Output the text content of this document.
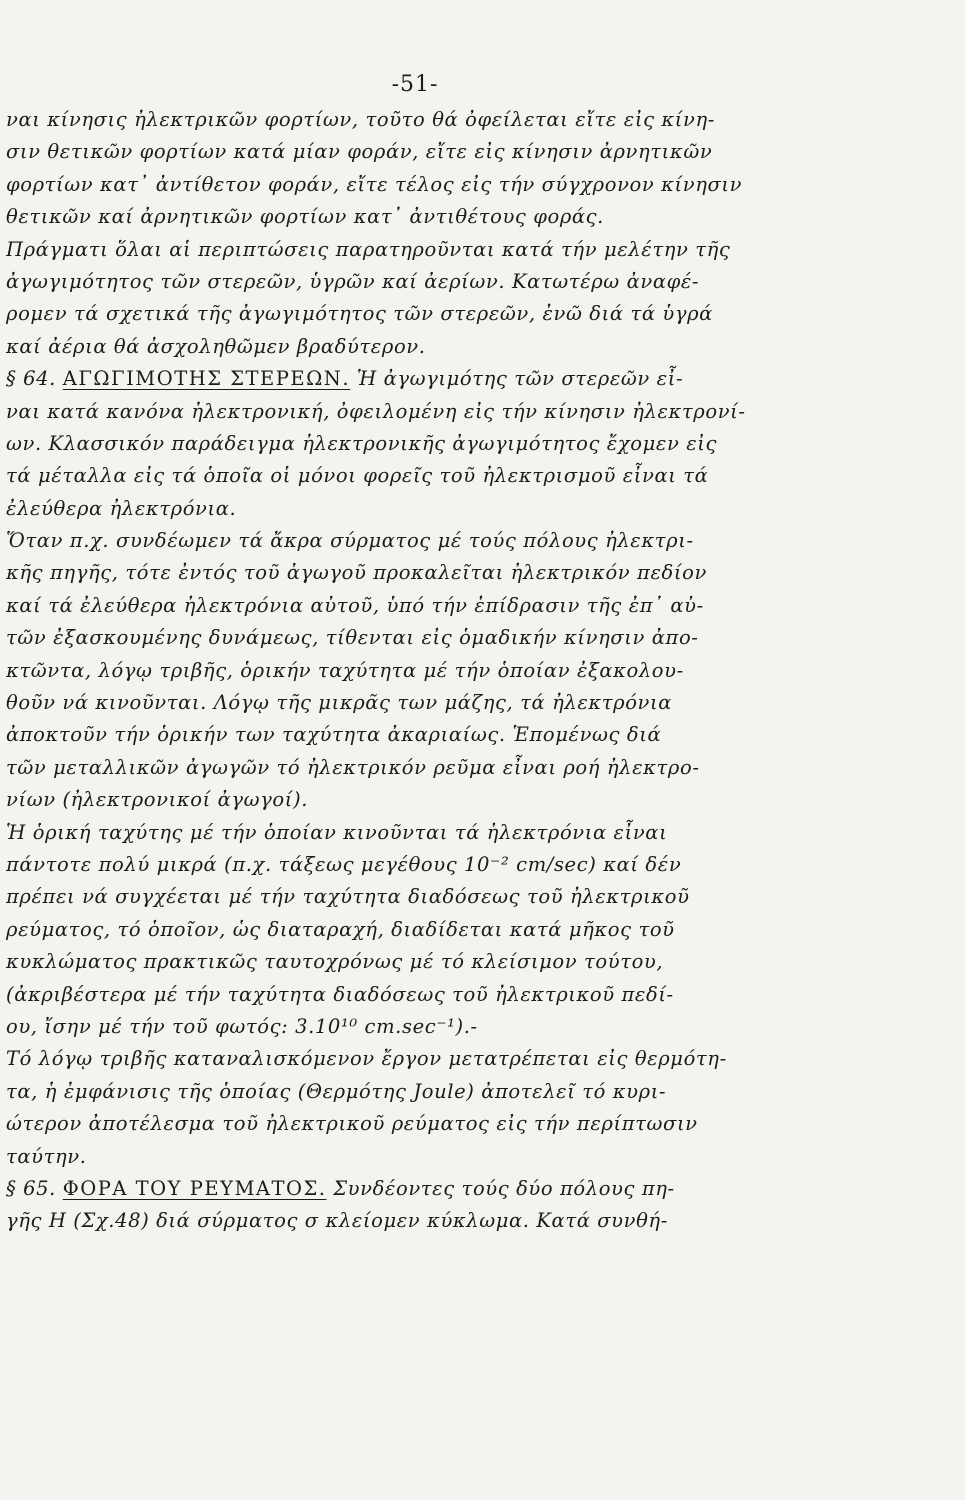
-51-
ναι κίνησις ἠλεκτρικῶν φορτίων, τοῦτο θά ὀφείλεται εἴτε εἰς κίνη-
σιν θετικῶν φορτίων κατά μίαν φοράν, εἴτε εἰς κίνησιν ἀρνητικῶν
φορτίων κατ᾽ ἀντίθετον φοράν, εἴτε τέλος εἰς τήν σύγχρονον κίνησιν
θετικῶν καί ἀρνητικῶν φορτίων κατ᾽ ἀντιθέτους φοράς.
Πράγματι ὅλαι αἱ περιπτώσεις παρατηροῦνται κατά τήν μελέτην τῆς
ἀγωγιμότητος τῶν στερεῶν, ὑγρῶν καί ἀερίων. Κατωτέρω ἀναφέ-
ρομεν τά σχετικά τῆς ἀγωγιμότητος τῶν στερεῶν, ἐνῶ διά τά ὑγρά
καί ἀέρια θά ἀσχοληθῶμεν βραδύτερον.
§ 64. ΑΓΩΓΙΜΟΤΗΣ ΣΤΕΡΕΩΝ. Ἡ ἀγωγιμότης τῶν στερεῶν εἶ-
ναι κατά κανόνα ἠλεκτρονική, ὀφειλομένη εἰς τήν κίνησιν ἠλεκτρονί-
ων. Κλασσικόν παράδειγμα ἠλεκτρονικῆς ἀγωγιμότητος ἔχομεν εἰς
τά μέταλλα εἰς τά ὁποῖα οἱ μόνοι φορεῖς τοῦ ἠλεκτρισμοῦ εἶναι τά
ἐλεύθερα ἠλεκτρόνια.
Ὅταν π.χ. συνδέωμεν τά ἄκρα σύρματος μέ τούς πόλους ἠλεκτρι-
κῆς πηγῆς, τότε ἐντός τοῦ ἀγωγοῦ προκαλεῖται ἠλεκτρικόν πεδίον
καί τά ἐλεύθερα ἠλεκτρόνια αὐτοῦ, ὑπό τήν ἐπίδρασιν τῆς ἐπ᾽ αὐ-
τῶν ἐξασκουμένης δυνάμεως, τίθενται εἰς ὁμαδικήν κίνησιν ἀπο-
κτῶντα, λόγῳ τριβῆς, ὁρικήν ταχύτητα μέ τήν ὁποίαν ἐξακολου-
θοῦν νά κινοῦνται. Λόγῳ τῆς μικρᾶς των μάζης, τά ἠλεκτρόνια
ἀποκτοῦν τήν ὁρικήν των ταχύτητα ἀκαριαίως. Ἑπομένως διά
τῶν μεταλλικῶν ἀγωγῶν τό ἠλεκτρικόν ρεῦμα εἶναι ροή ἠλεκτρο-
νίων (ἠλεκτρονικοί ἀγωγοί).
Ἡ ὁρική ταχύτης μέ τήν ὁποίαν κινοῦνται τά ἠλεκτρόνια εἶναι
πάντοτε πολύ μικρά (π.χ. τάξεως μεγέθους 10⁻² cm/sec) καί δέν
πρέπει νά συγχέεται μέ τήν ταχύτητα διαδόσεως τοῦ ἠλεκτρικοῦ
ρεύματος, τό ὁποῖον, ὡς διαταραχή, διαδίδεται κατά μῆκος τοῦ
κυκλώματος πρακτικῶς ταυτοχρόνως μέ τό κλείσιμον τούτου,
(ἀκριβέστερα μέ τήν ταχύτητα διαδόσεως τοῦ ἠλεκτρικοῦ πεδί-
ου, ἴσην μέ τήν τοῦ φωτός: 3.10¹⁰ cm.sec⁻¹).-
Τό λόγῳ τριβῆς καταναλισκόμενον ἔργον μετατρέπεται εἰς θερμότη-
τα, ἡ ἐμφάνισις τῆς ὁποίας (Θερμότης Joule) ἀποτελεῖ τό κυρι-
ώτερον ἀποτέλεσμα τοῦ ἠλεκτρικοῦ ρεύματος εἰς τήν περίπτωσιν
ταύτην.
§ 65. ΦΟΡΑ ΤΟΥ ΡΕΥΜΑΤΟΣ. Συνδέοντες τούς δύο πόλους πη-
γῆς Η (Σχ.48) διά σύρματος σ κλείομεν κύκλωμα. Κατά συνθή-
